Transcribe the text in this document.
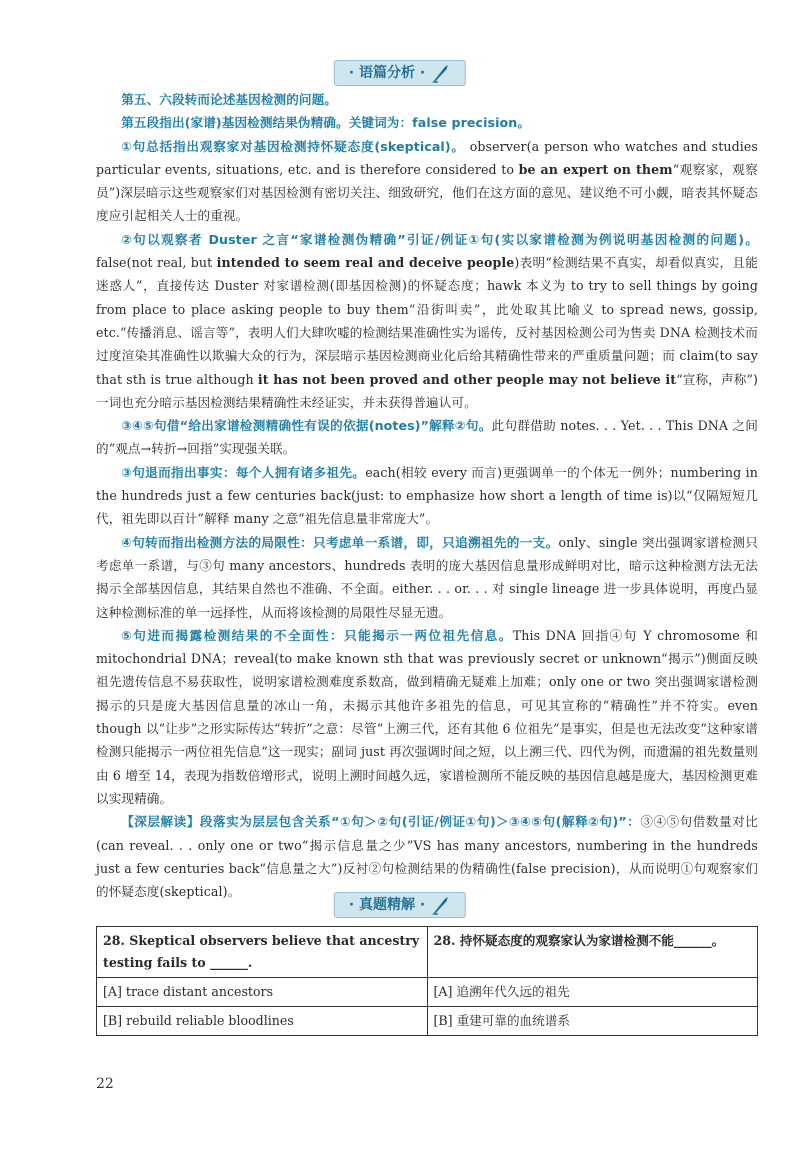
· 语篇分析 ·

第五、六段转而论述基因检测的问题。

第五段指出(家谱)基因检测结果伪精确。关键词为：false precision。

①句总括指出观察家对基因检测持怀疑态度(skeptical)。 observer(a person who watches and studies particular events, situations, etc. and is therefore considered to be an expert on them“观察家，观察员”)深层暗示这些观察家们对基因检测有密切关注、细致研究，他们在这方面的意见、建议绝不可小觑，暗表其怀疑态度应引起相关人士的重视。

②句以观察者 Duster 之言“家谱检测伪精确”引证/例证①句(实以家谱检测为例说明基因检测的问题)。false(not real, but intended to seem real and deceive people)表明“检测结果不真实，却看似真实，且能迷惑人”，直接传达 Duster 对家谱检测(即基因检测)的怀疑态度；hawk 本义为 to try to sell things by going from place to place asking people to buy them“沿街叫卖”，此处取其比喻义 to spread news, gossip, etc.“传播消息、谣言等”，表明人们大肆吹嘘的检测结果准确性实为谣传，反衬基因检测公司为售卖 DNA 检测技术而过度渲染其准确性以欺骗大众的行为，深层暗示基因检测商业化后给其精确性带来的严重质量问题；而 claim(to say that sth is true although it has not been proved and other people may not believe it“宣称，声称”)一词也充分暗示基因检测结果精确性未经证实，并未获得普遍认可。

③④⑤句借“给出家谱检测精确性有误的依据(notes)”解释②句。此句群借助 notes. . . Yet. . . This DNA 之间的“观点→转折→回指”实现强关联。

③句退而指出事实：每个人拥有诸多祖先。each(相较 every 而言)更强调单一的个体无一例外；numbering in the hundreds just a few centuries back(just: to emphasize how short a length of time is)以“仅隔短短几代，祖先即以百计”解释 many 之意“祖先信息量非常庞大”。

④句转而指出检测方法的局限性：只考虑单一系谱，即，只追溯祖先的一支。only、single 突出强调家谱检测只考虑单一系谱，与③句 many ancestors、hundreds 表明的庞大基因信息量形成鲜明对比，暗示这种检测方法无法揭示全部基因信息，其结果自然也不准确、不全面。either. . . or. . . 对 single lineage 进一步具体说明，再度凸显这种检测标准的单一远择性，从而将该检测的局限性尽显无遗。

⑤句进而揭露检测结果的不全面性：只能揭示一两位祖先信息。This DNA 回指④句 Y chromosome 和 mitochondrial DNA；reveal(to make known sth that was previously secret or unknown“揭示”)侧面反映祖先遗传信息不易获取性，说明家谱检测难度系数高，做到精确无疑难上加难；only one or two 突出强调家谱检测揭示的只是庞大基因信息量的冰山一角，未揭示其他许多祖先的信息，可见其宣称的“精确性”并不符实。even though 以“让步”之形实际传达“转折”之意：尽管“上溯三代，还有其他 6 位祖先”是事实，但是也无法改变“这种家谱检测只能揭示一两位祖先信息”这一现实；副词 just 再次强调时间之短，以上溯三代、四代为例，而遗漏的祖先数量则由 6 增至 14，表现为指数倍增形式，说明上溯时间越久远，家谱检测所不能反映的基因信息越是庞大，基因检测更难以实现精确。

【深层解读】段落实为层层包含关系“①句＞②句(引证/例证①句)＞③④⑤句(解释②句)”：③④⑤句借数量对比(can reveal. . . only one or two“揭示信息量之少”VS has many ancestors, numbering in the hundreds just a few centuries back“信息量之大”)反衬②句检测结果的伪精确性(false precision)，从而说明①句观察家们的怀疑态度(skeptical)。

· 真题精解 ·
28. Skeptical observers believe that ancestry testing fails to ______.	28. 持怀疑态度的观察家认为家谱检测不能______。
[A] trace distant ancestors	[A] 追溯年代久远的祖先
[B] rebuild reliable bloodlines	[B] 重建可靠的血统谱系
22
